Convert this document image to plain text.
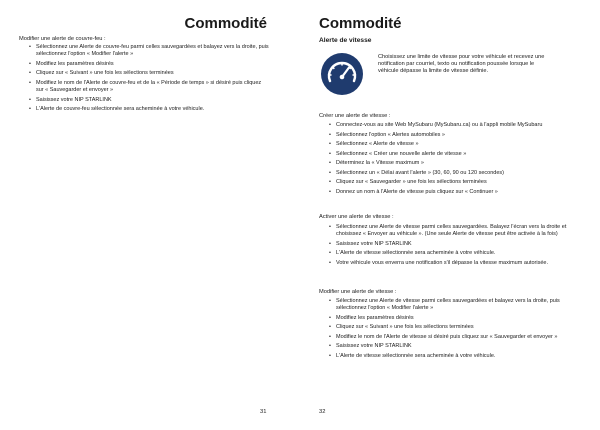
Commodité
Modifier une alerte de couvre-feu :
• Sélectionnez une Alerte de couvre-feu parmi celles sauvegardées et balayez vers la droite, puis sélectionnez l'option « Modifier l'alerte »
• Modifiez les paramètres désirés
• Cliquez sur « Suivant » une fois les sélections terminées
• Modifiez le nom de l'Alerte de couvre-feu et de la « Période de temps » si désiré puis cliquez sur « Sauvegarder et envoyer »
• Saisissez votre NIP STARLINK
• L'Alerte de couvre-feu sélectionnée sera acheminée à votre véhicule.
31
Commodité
Alerte de vitesse
Choisissez une limite de vitesse pour votre véhicule et recevez une notification par courriel, texto ou notification poussée lorsque le véhicule dépasse la limite de vitesse définie.
Créer une alerte de vitesse :
• Connectez-vous au site Web MySubaru (MySubaru.ca) ou à l'appli mobile MySubaru
• Sélectionnez l'option « Alertes automobiles »
• Sélectionnez « Alerte de vitesse »
• Sélectionnez « Créer une nouvelle alerte de vitesse »
• Déterminez la « Vitesse maximum »
• Sélectionnez un « Délai avant l'alerte » (30, 60, 90 ou 120 secondes)
• Cliquez sur « Sauvegarder » une fois les sélections terminées
• Donnez un nom à l'Alerte de vitesse puis cliquez sur « Continuer »
Activer une alerte de vitesse :
• Sélectionnez une Alerte de vitesse parmi celles sauvegardées. Balayez l'écran vers la droite et choisissez « Envoyer au véhicule ». (Une seule Alerte de vitesse peut être activée à la fois)
• Saisissez votre NIP STARLINK
• L'Alerte de vitesse sélectionnée sera acheminée à votre véhicule.
• Votre véhicule vous enverra une notification s'il dépasse la vitesse maximum autorisée.
Modifier une alerte de vitesse :
• Sélectionnez une Alerte de vitesse parmi celles sauvegardées et balayez vers la droite, puis sélectionnez l'option « Modifier l'alerte »
• Modifiez les paramètres désirés
• Cliquez sur « Suivant » une fois les sélections terminées
• Modifiez le nom de l'Alerte de vitesse si désiré puis cliquez sur « Sauvegarder et envoyer »
• Saisissez votre NIP STARLINK
• L'Alerte de vitesse sélectionnée sera acheminée à votre véhicule.
32
